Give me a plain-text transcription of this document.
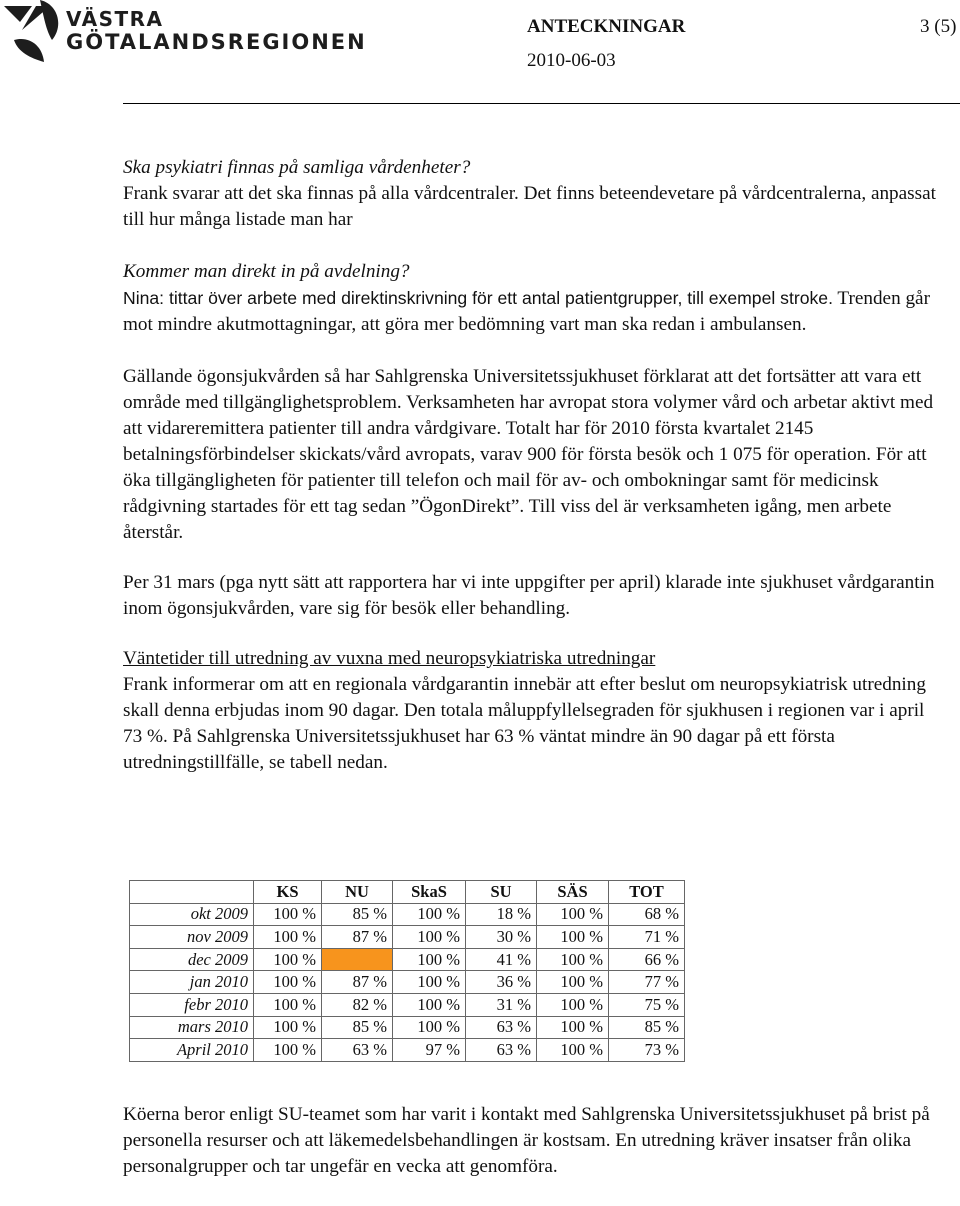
VÄSTRA
GÖTALANDSREGIONEN
ANTECKNINGAR	3 (5)
2010-06-03

Ska psykiatri finnas på samliga vårdenheter?

Frank svarar att det ska finnas på alla vårdcentraler. Det finns beteendevetare på vårdcentralerna, anpassat till hur många listade man har

Kommer man direkt in på avdelning?

Nina: tittar över arbete med direktinskrivning för ett antal patientgrupper, till exempel stroke. Trenden går mot mindre akutmottagningar, att göra mer bedömning vart man ska redan i ambulansen.

Gällande ögonsjukvården så har Sahlgrenska Universitetssjukhuset förklarat att det fortsätter att vara ett område med tillgänglighetsproblem. Verksamheten har avropat stora volymer vård och arbetar aktivt med att vidareremittera patienter till andra vårdgivare. Totalt har för 2010 första kvartalet 2145 betalningsförbindelser skickats/vård avropats, varav 900 för första besök och 1 075 för operation. För att öka tillgängligheten för patienter till telefon och mail för av- och ombokningar samt för medicinsk rådgivning startades för ett tag sedan ”ÖgonDirekt”. Till viss del är verksamheten igång, men arbete återstår.

Per 31 mars (pga nytt sätt att rapportera har vi inte uppgifter per april) klarade inte sjukhuset vårdgarantin inom ögonsjukvården, vare sig för besök eller behandling.

Väntetider till utredning av vuxna med neuropsykiatriska utredningar

Frank informerar om att en regionala vårdgarantin innebär att efter beslut om neuropsykiatrisk utredning skall denna erbjudas inom 90 dagar. Den totala måluppfyllelsegraden för sjukhusen i regionen var i april 73 %. På Sahlgrenska Universitetssjukhuset har 63 % väntat mindre än 90 dagar på ett första utredningstillfälle, se tabell nedan.

	KS	NU	SkaS	SU	SÄS	TOT
okt 2009	100 %	85 %	100 %	18 %	100 %	68 %
nov 2009	100 %	87 %	100 %	30 %	100 %	71 %
dec 2009	100 %		100 %	41 %	100 %	66 %
jan 2010	100 %	87 %	100 %	36 %	100 %	77 %
febr 2010	100 %	82 %	100 %	31 %	100 %	75 %
mars 2010	100 %	85 %	100 %	63 %	100 %	85 %
April 2010	100 %	63 %	97 %	63 %	100 %	73 %

Köerna beror enligt SU-teamet som har varit i kontakt med Sahlgrenska Universitetssjukhuset på brist på personella resurser och att läkemedelsbehandlingen är kostsam. En utredning kräver insatser från olika personalgrupper och tar ungefär en vecka att genomföra.
